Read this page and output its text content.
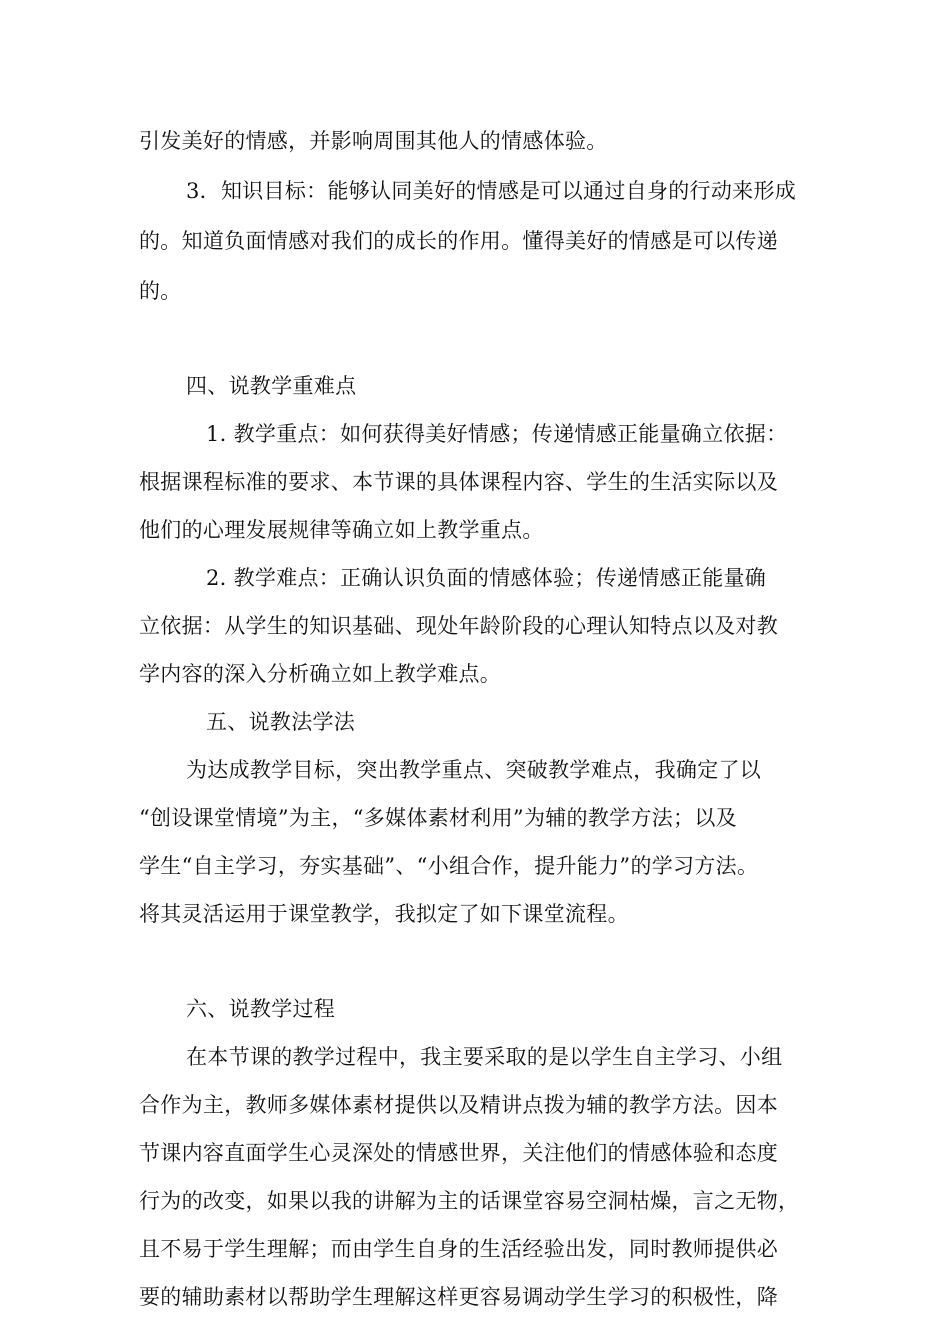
引发美好的情感，并影响周围其他人的情感体验。
3．知识目标：能够认同美好的情感是可以通过自身的行动来形成
的。知道负面情感对我们的成长的作用。懂得美好的情感是可以传递
的。
四、说教学重难点
1. 教学重点：如何获得美好情感；传递情感正能量确立依据：
根据课程标准的要求、本节课的具体课程内容、学生的生活实际以及
他们的心理发展规律等确立如上教学重点。
2. 教学难点：正确认识负面的情感体验；传递情感正能量确
立依据：从学生的知识基础、现处年龄阶段的心理认知特点以及对教
学内容的深入分析确立如上教学难点。
五、说教法学法
为达成教学目标，突出教学重点、突破教学难点，我确定了以
“创设课堂情境”为主，“多媒体素材利用”为辅的教学方法；以及
学生“自主学习，夯实基础”、“小组合作，提升能力”的学习方法。
将其灵活运用于课堂教学，我拟定了如下课堂流程。
六、说教学过程
在本节课的教学过程中，我主要采取的是以学生自主学习、小组
合作为主，教师多媒体素材提供以及精讲点拨为辅的教学方法。因本
节课内容直面学生心灵深处的情感世界，关注他们的情感体验和态度
行为的改变，如果以我的讲解为主的话课堂容易空洞枯燥，言之无物，
且不易于学生理解；而由学生自身的生活经验出发，同时教师提供必
要的辅助素材以帮助学生理解这样更容易调动学生学习的积极性，降
